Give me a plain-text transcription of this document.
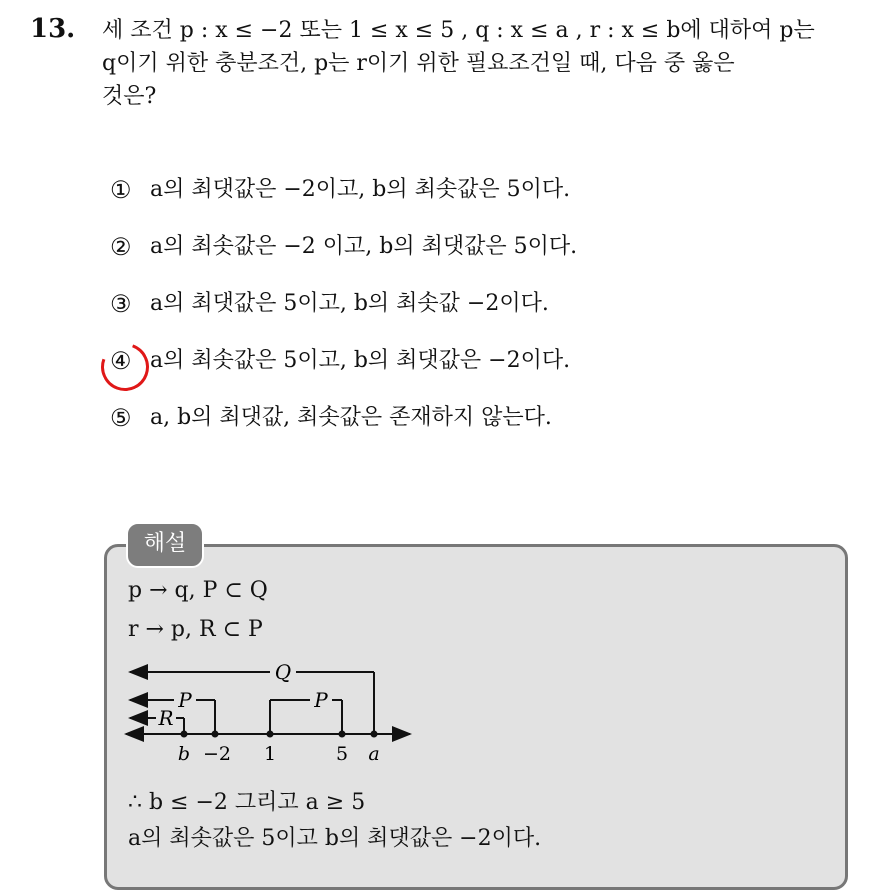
13. 세 조건 p : x ≤ −2 또는 1 ≤ x ≤ 5 , q : x ≤ a , r : x ≤ b에 대하여 p는
q이기 위한 충분조건, p는 r이기 위한 필요조건일 때, 다음 중 옳은
것은?
① a의 최댓값은 −2이고, b의 최솟값은 5이다.
② a의 최솟값은 −2 이고, b의 최댓값은 5이다.
③ a의 최댓값은 5이고, b의 최솟값 −2이다.
④ a의 최솟값은 5이고, b의 최댓값은 −2이다.
⑤ a, b의 최댓값, 최솟값은 존재하지 않는다.
해설
p → q, P ⊂ Q
r → p, R ⊂ P
Q
P	P
R
b −2 1	5 a
∴ b ≤ −2 그리고 a ≥ 5
a의 최솟값은 5이고 b의 최댓값은 −2이다.
